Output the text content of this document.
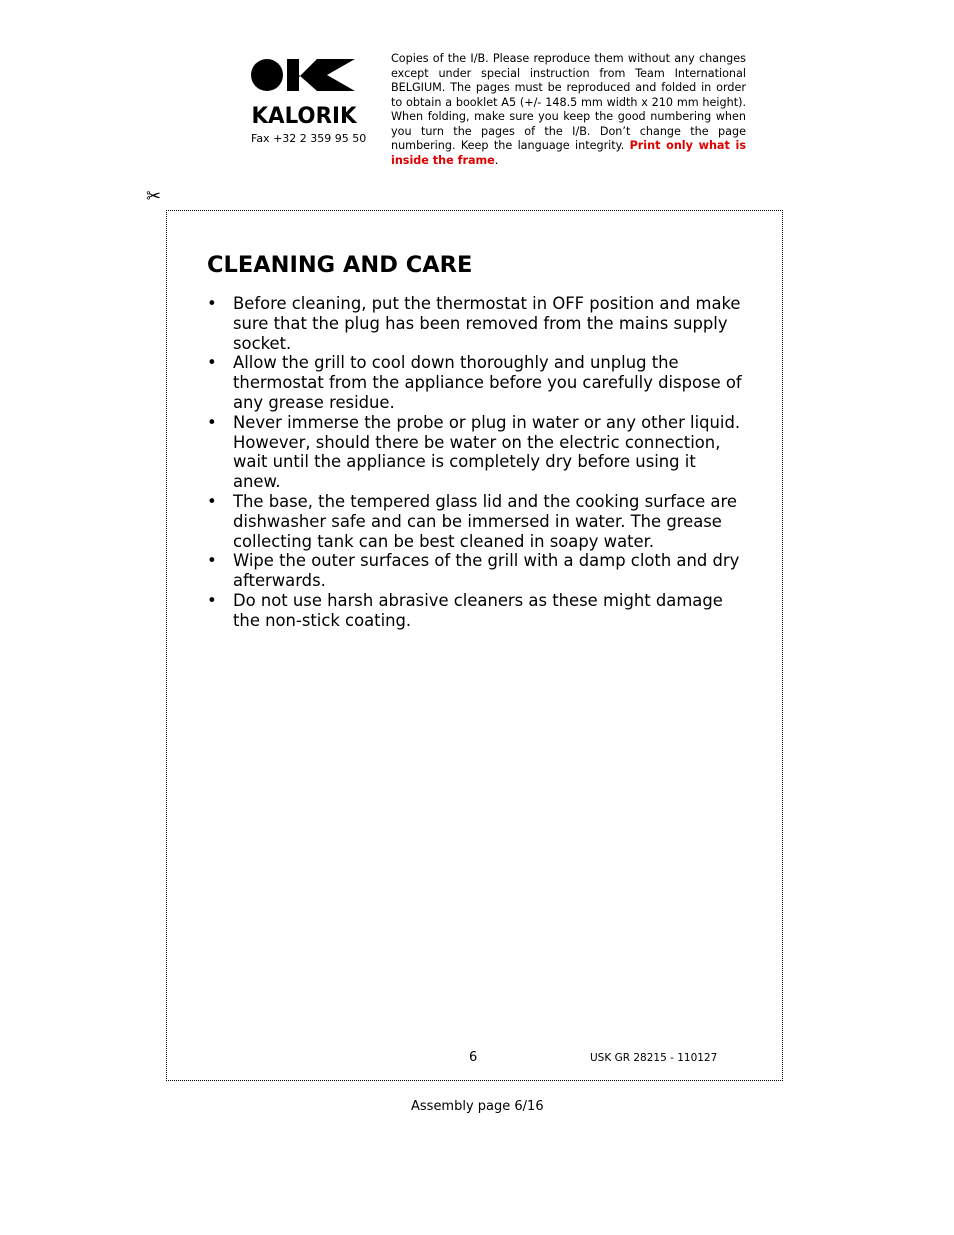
KALORIK
Fax +32 2 359 95 50
Copies of the I/B. Please reproduce them without any changes except under special instruction from Team International BELGIUM. The pages must be reproduced and folded in order to obtain a booklet A5 (+/- 148.5 mm width x 210 mm height). When folding, make sure you keep the good numbering when you turn the pages of the I/B. Don’t change the page numbering. Keep the language integrity. Print only what is inside the frame.
✂
CLEANING AND CARE
• Before cleaning, put the thermostat in OFF position and make sure that the plug has been removed from the mains supply socket.
• Allow the grill to cool down thoroughly and unplug the thermostat from the appliance before you carefully dispose of any grease residue.
• Never immerse the probe or plug in water or any other liquid. However, should there be water on the electric connection, wait until the appliance is completely dry before using it anew.
• The base, the tempered glass lid and the cooking surface are dishwasher safe and can be immersed in water. The grease collecting tank can be best cleaned in soapy water.
• Wipe the outer surfaces of the grill with a damp cloth and dry afterwards.
• Do not use harsh abrasive cleaners as these might damage the non-stick coating.
6	USK GR 28215 - 110127
Assembly page 6/16
